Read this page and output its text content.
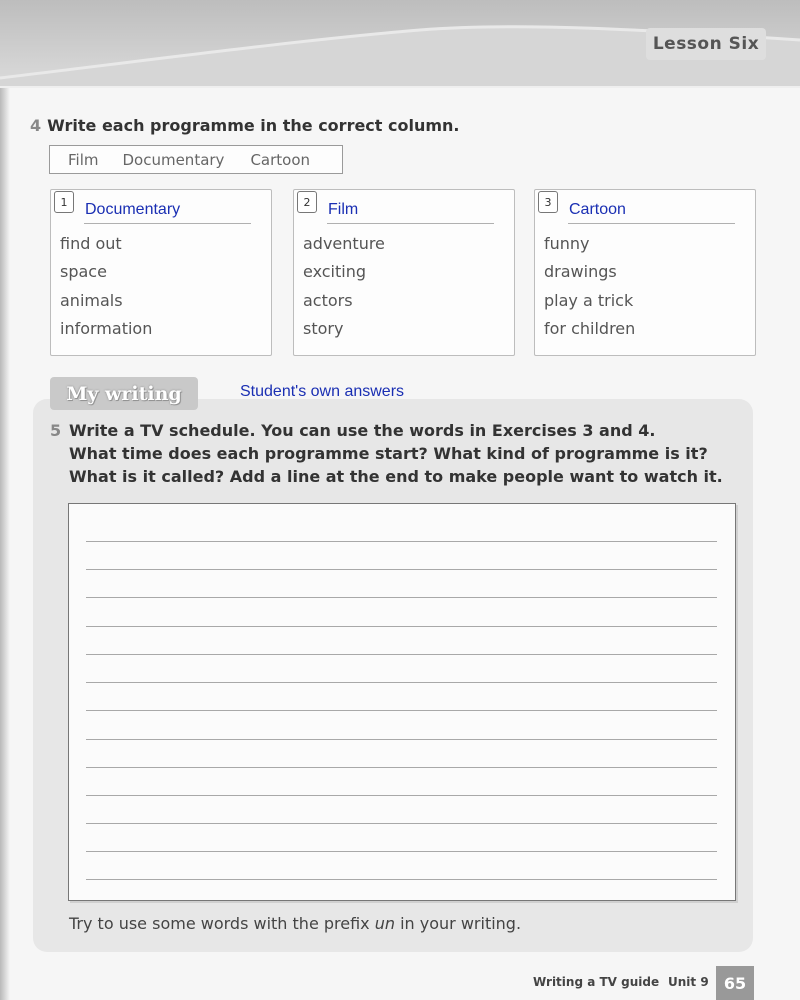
Lesson Six
4 Write each programme in the correct column.
Film Documentary Cartoon
1	Documentary
find out
space
animals
information
2	Film
adventure
exciting
actors
story
3	Cartoon
funny
drawings
play a trick
for children
My writing	Student's own answers
5 Write a TV schedule. You can use the words in Exercises 3 and 4.
What time does each programme start? What kind of programme is it?
What is it called? Add a line at the end to make people want to watch it.
Try to use some words with the prefix un in your writing.
Writing a TV guide Unit 9 65
